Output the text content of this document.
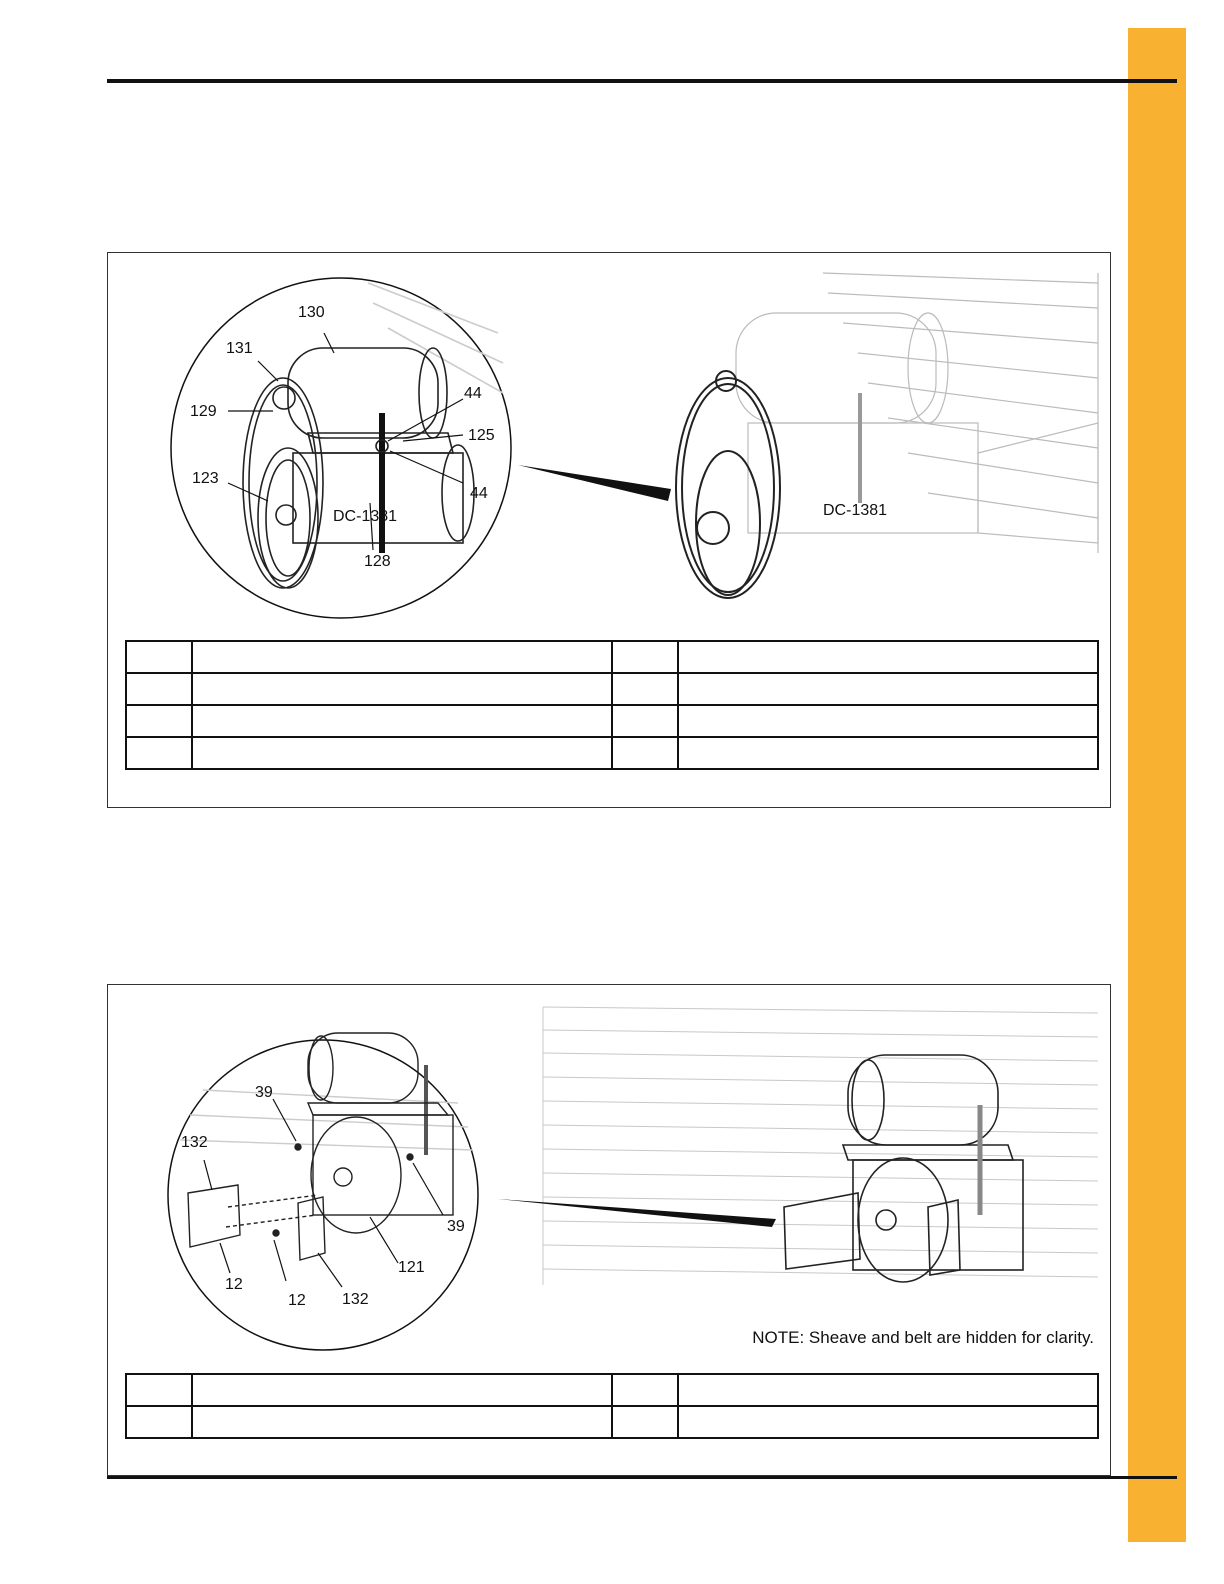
DC-1381
DC-1381
130
131
129
44
125
44
123
128

39
132
39
121
12
12 132
NOTE: Sheave and belt are hidden for clarity.
